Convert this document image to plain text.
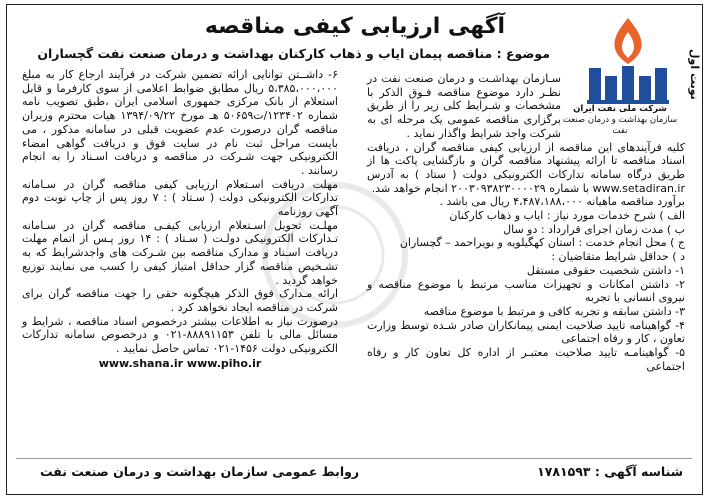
نوبت اول
شرکت ملی نفت ایران
سازمان بهداشت و درمان صنعت نفت
آگهی ارزیابی کیفی مناقصه
موضوع : مناقصه پیمان ایاب و ذهاب کارکنان بهداشت و درمان صنعت نفت گچساران

سـازمان بهداشـت و درمان صنعت نفت در نظـر دارد موضوع مناقصه فـوق الذکر با مشخصات و شـرایط کلی زیر را از طریق برگزاری مناقصه عمومی یک مرحله ای به شرکت واجد شرایط واگذار نماید .

کلیه فرآیندهای این مناقصه از ارزیابی کیفی مناقصه گران ، دریافت اسناد مناقصه تا ارائه پیشنهاد مناقصه گران و بازگشایی پاکت ها از طریق درگاه سامانه تدارکات الکترونیکی دولت ( ستاد ) به آدرس www.setadiran.ir با شماره ۲۰۰۳۰۹۳۸۲۳۰۰۰۰۲۹ انجام خواهد شد.

برآورد مناقصه ماهیانه ۴،۴۸۷،۱۸۸،۰۰۰ ریال می باشد .

الف ) شرح خدمات مورد نیاز : ایاب و ذهاب کارکنان

ب ) مدت زمان اجرای قرارداد : دو سال

ج ) محل انجام خدمت : استان کهگیلویه و بویراحمد – گچساران

د ) حداقل شرایط متقاضیان :

۱- داشتن شخصیت حقوقی مستقل

۲- داشتن امکانات و تجهیزات مناسب مرتبط با موضوع مناقصه و نیروی انسانی با تجربه

۳- داشتن سابقه و تجربه کافی و مرتبط با موضوع مناقصه

۴- گواهینامه تایید صلاحیت ایمنی پیمانکاران صادر شـده توسط وزارت تعاون ، کار و رفاه اجتماعی

۵- گواهینامـه تایید صلاحیت معتبـر از اداره کل تعاون کار و رفاه اجتماعی

۶- داشــتن توانایی ارائه تضمین شرکت در فرآیند ارجاع کار به مبلغ ۵،۳۸۵،۰۰۰،۰۰۰ ریال مطابق ضوابط اعلامی از سوی کارفرما و قابل استعلام از بانک مرکزی جمهوری اسلامی ایران ،طبق تصویب نامه شماره ۱۲۳۴۰۲/ت۵۰۶۵۹ هـ مورخ ۱۳۹۴/۰۹/۲۲ هیات محترم وزیران مناقصه گران درصورت عدم عضویت قبلی در سامانه مذکور ، می بایست مراحل ثبت نام در سایت فوق و دریافت گواهی امضاء الکترونیکی جهت شـرکت در مناقصه و دریافت اسـناد را به انجام رسانند .

مهلت دریافت اسـتعلام ارزیابی کیفی مناقصه گران در سـامانه تدارکات الکترونیکی دولت ( سـتاد ) : ۷ روز پس از چاپ نوبت دوم آگهی روزنامه

مهلـت تحویل اسـتعلام ارزیابی کیفـی مناقصه گران در سـامانه تـدارکات الکترونیکی دولـت ( سـتاد ) : ۱۴ روز پـس از اتمام مهلت دریافت اسـناد و مدارک مناقصه بین شـرکت های واجدشرایط که به تشـخیص مناقصه گزار حداقل امتیاز کیفی را کسب می نمایند توزیع خواهد گردید .

ارائه مـدارک فوق الذکر هیچگونه حقی را جهت مناقصه گران برای شرکت در مناقصه ایجاد نخواهد کرد .

درصورت نیاز به اطلاعات بیشتر درخصوص اسناد مناقصه ، شرایط و مسائل مالی با تلفن ۸۸۸۹۱۱۵۳-۰۲۱ و درخصوص سامانه تدارکات الکترونیکی دولت ۱۴۵۶-۰۲۱ تماس حاصل نمایید .

www.shana.ir www.piho.ir

شناسه آگهی : ۱۷۸۱۵۹۳
روابط عمومی سازمان بهداشت و درمان صنعت نفت
